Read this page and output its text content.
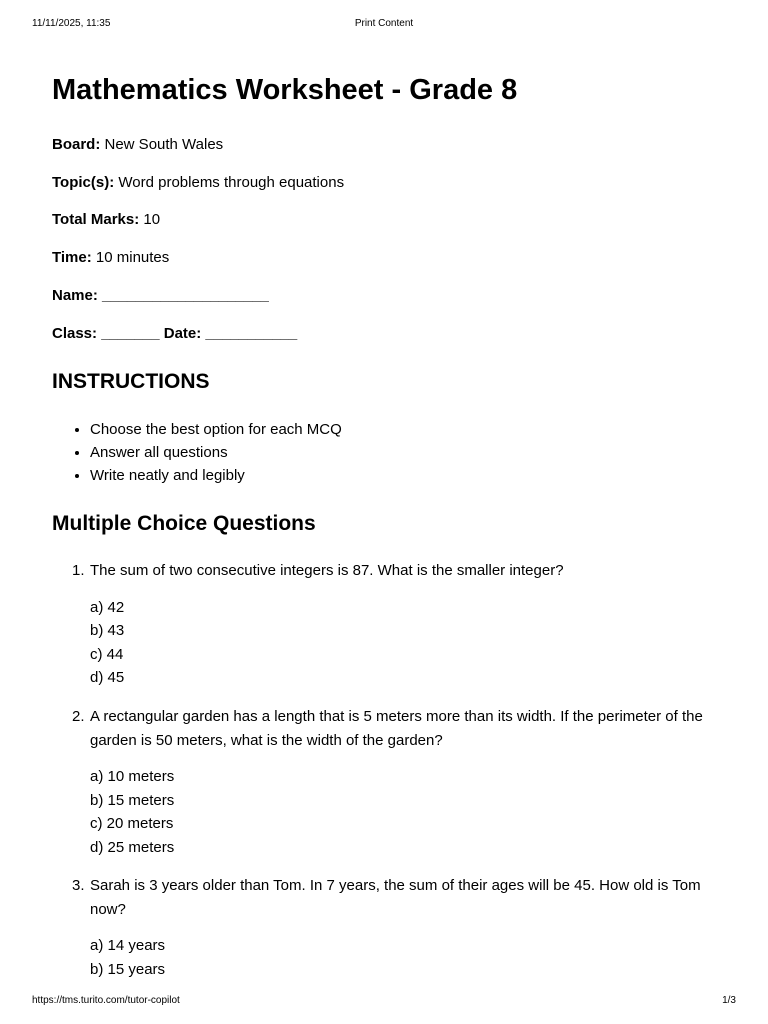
11/11/2025, 11:35	Print Content
Mathematics Worksheet - Grade 8

Board: New South Wales

Topic(s): Word problems through equations

Total Marks: 10

Time: 10 minutes

Name: ____________________

Class: _______ Date: ___________

INSTRUCTIONS
• Choose the best option for each MCQ
• Answer all questions
• Write neatly and legibly
Multiple Choice Questions
1. The sum of two consecutive integers is 87. What is the smaller integer?
a) 42
b) 43
c) 44
d) 45
2. A rectangular garden has a length that is 5 meters more than its width. If the perimeter of the garden is 50 meters, what is the width of the garden?
a) 10 meters
b) 15 meters
c) 20 meters
d) 25 meters
3. Sarah is 3 years older than Tom. In 7 years, the sum of their ages will be 45. How old is Tom now?
a) 14 years
b) 15 years
https://tms.turito.com/tutor-copilot	1/3
